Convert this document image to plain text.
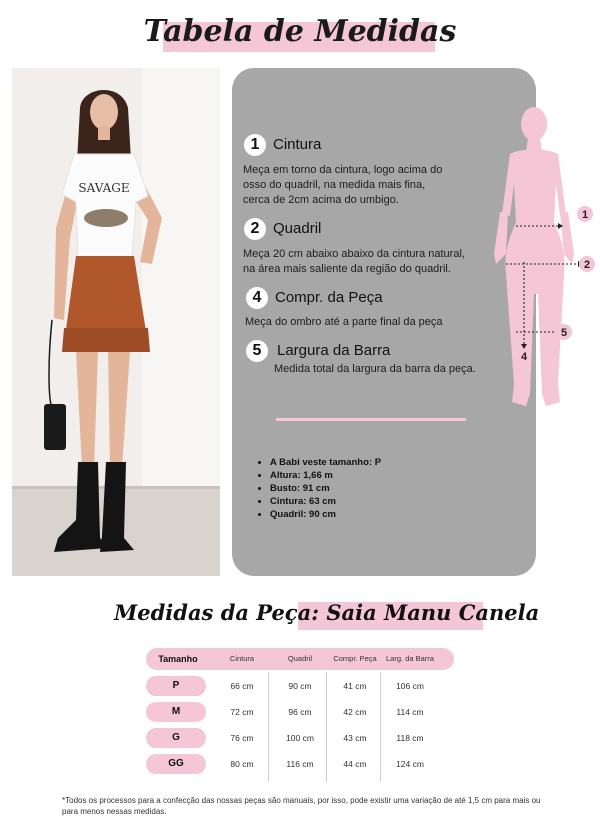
Tabela de Medidas
SAVAGE
1 Cintura
Meça em torno da cintura, logo acima do
osso do quadril, na medida mais fina,
cerca de 2cm acima do umbigo.
2 Quadril
Meça 20 cm abaixo abaixo da cintura natural,
na área mais saliente da região do quadril.
4 Compr. da Peça
Meça do ombro até a parte final da peça
5	Largura da Barra
Medida total da largura da barra da peça.
• A Babi veste tamanho: P
• Altura: 1,66 m
• Busto: 91 cm
• Cintura: 63 cm
• Quadril: 90 cm
1
2
5
4
Medidas da Peça: Saia Manu Canela
Tamanho	Cintura	Quadril	Compr. Peça	Larg. da Barra
P	66 cm	90 cm	41 cm	106 cm
M	72 cm	96 cm	42 cm	114 cm
G	76 cm	100 cm	43 cm	118 cm
GG	80 cm	116 cm	44 cm	124 cm

*Todos os processos para a confecção das nossas peças são manuais, por isso, pode existir uma variação de até 1,5 cm para mais ou para menos nessas medidas.
